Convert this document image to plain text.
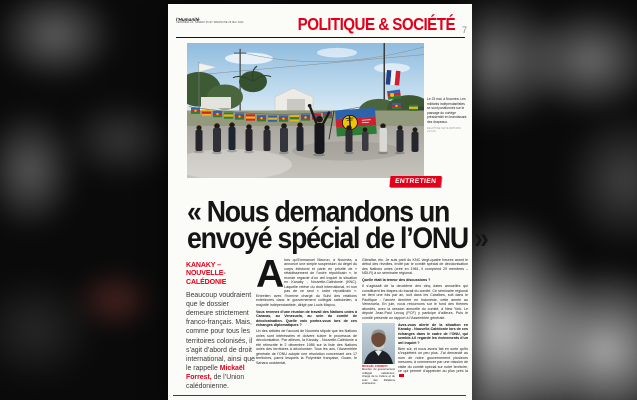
l’Humanité
VENDREDI 24, SAMEDI 25 ET DIMANCHE 26 MAI 2024	POLITIQUE & SOCIÉTÉ 7
Le 23 mai, à Nouméa. Les militants indépendantistes se sont positionnés sur le passage du cortège présidentiel en brandissant des drapeaux.
DELPHINE MAYEUR/HANS LUCAS
ENTRETIEN
« Nous demandons un
envoyé spécial de l’ONU »
KANAKY –
NOUVELLE-CALÉDONIE
Beaucoup voudraient que le dossier demeure strictement franco-français. Mais, comme pour tous les territoires colonisés, il s’agit d’abord de droit international, ainsi que le rappelle Mickaël Forrest, de l’Union calédonienne.

Alors qu’Emmanuel Macron, à Nouméa, a annoncé une simple suspension du dégel du corps électoral et parle en priorité de « rétablissement de l’ordre républicain », le monde regarde d’un œil inquiet la situation en Kanaky - Nouvelle-Calédonie (KNC). Laquelle relève du droit international, et non pas de ce seul « ordre républicain ». Entretien avec l’homme chargé du Suivi des relations extérieures dans le gouvernement collégial calédonien, à majorité indépendantiste, dirigé par Louis Mapou.

Vous revenez d’une réunion de travail des Nations unies à Caracas, au Venezuela, au sein du comité de décolonisation. Quelle voix portez-vous lors de ces échanges diplomatiques ?

Un des articles de l’accord de Nouméa stipule que les Nations unies sont intéressées et doivent suivre le processus de décolonisation. Par ailleurs, la Kanaky - Nouvelle-Calédonie a été réinscrite le 2 décembre 1986 sur la liste des Nations unies des territoires à décoloniser. Tous les ans, l’Assemblée générale de l’ONU adopte une résolution concernant ces 17 territoires, parmi lesquels la Polynésie française, Guam, le Sahara occidental,

Gibraltar, etc. Je suis parti du KNC vingt-quatre heures avant le début des révoltes, invité par le comité spécial de décolonisation des Nations unies (créé en 1961, il comprend 29 membres – NDLR) à un séminaire régional.

Quelle était la teneur des discussions ?

Il s’agissait de la deuxième des cinq dates annuelles qui constituent les étapes du travail du comité. Ce séminaire régional se tient une fois par an, soit dans les Caraïbes, soit dans le Pacifique : l’année dernière en Indonésie, cette année au Venezuela. En juin, nous retournons sur le fond des thèmes abordés, avec la session annuelle du comité, à New York. Le député Jean-Paul Lecoq (PCF) y participe d’ailleurs. Puis le comité présente un rapport à l’Assemblée générale.

MICKAËL FORREST
Membre du gouvernement collégial calédonien, chargé de la Culture et du suivi des Relations extérieures

Avez-vous alerté de la situation en Kanaky - Nouvelle-Calédonie lors de ces échanges dans le cadre de l’ONU, qui semble-t-il regarde les événements d’un œil inquiet ?

Bien sûr, et nous avons fait en sorte qu’ils s’inquiètent un peu plus. J’ai demandé au nom de notre gouvernement plusieurs mesures, à commencer par une mission de visite du comité spécial sur notre territoire, ce qui permet d’apprécier au plus près la
